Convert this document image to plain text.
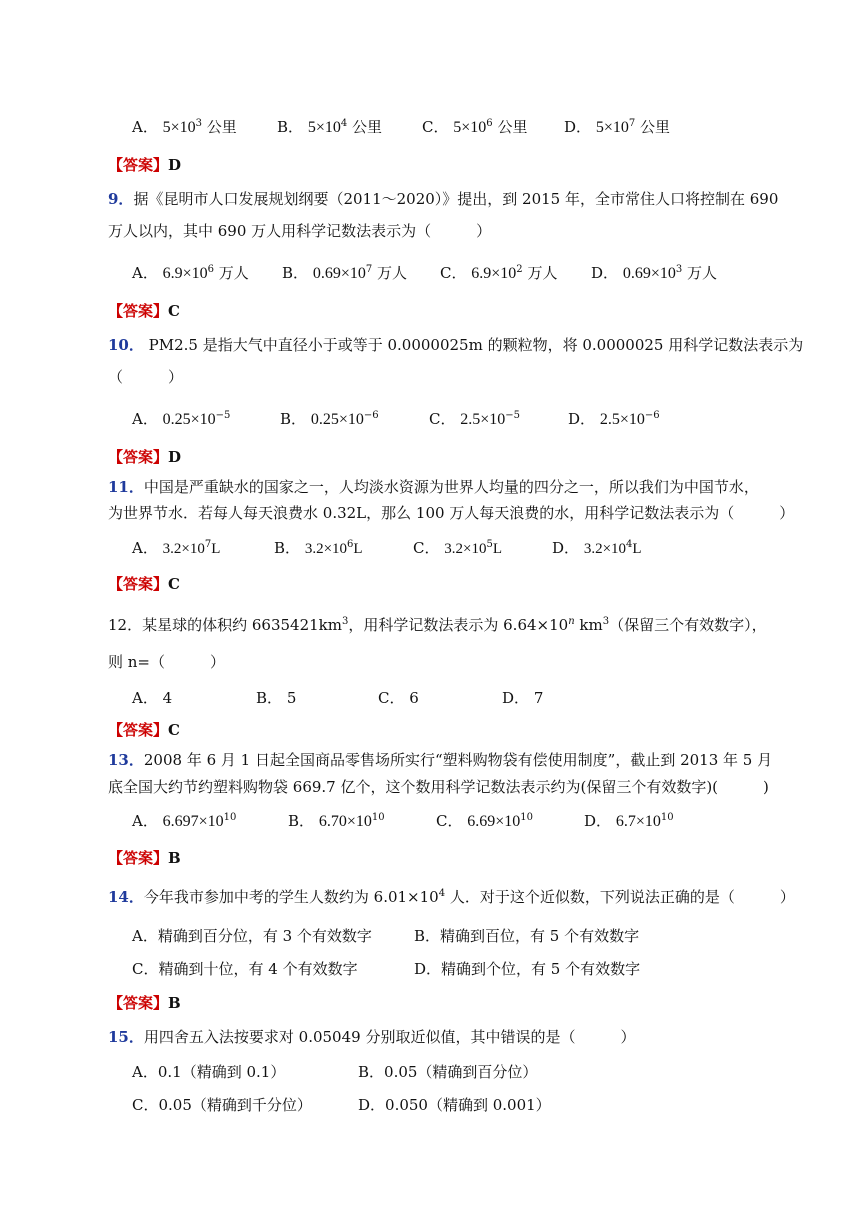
A． $5\times 10^3$ 公里	B． $5\times 10^4$ 公里	C． $5\times 10^6$ 公里 D． $5\times 10^7$ 公里
【答案】D
9．据《昆明市人口发展规划纲要（2011～2020）》提出，到 2015 年，全市常住人口将控制在 690
万人以内，其中 690 万人用科学记数法表示为（　　　）
A． $6.9\times 10^6$ 万人 B． $0.69\times 10^7$ 万人 C． $6.9\times 10^2$ 万人 D． $0.69\times 10^3$ 万人
【答案】C
10． PM2.5 是指大气中直径小于或等于 0.0000025m 的颗粒物，将 0.0000025 用科学记数法表示为
（　　　）
A． $0.25\times 10^{-5}$	B． $0.25\times 10^{-6}$	C． $2.5\times 10^{-5}$	D． $2.5\times 10^{-6}$
【答案】D
11．中国是严重缺水的国家之一，人均淡水资源为世界人均量的四分之一，所以我们为中国节水，
为世界节水．若每人每天浪费水 0.32L，那么 100 万人每天浪费的水，用科学记数法表示为（　　　）
A． $3.2\times 10^7L$	B． $3.2\times 10^6L$	C． $3.2\times 10^5L$	D． $3.2\times 10^4L$
【答案】C
12．某星球的体积约 $6635421km^3$，用科学记数法表示为 $6.64\times 10^n$ $km^3$（保留三个有效数字），
则 n=（　　　）
A． 4	B． 5	C． 6	D． 7
【答案】C
13．2008 年 6 月 1 日起全国商品零售场所实行“塑料购物袋有偿使用制度”，截止到 2013 年 5 月
底全国大约节约塑料购物袋 669.7 亿个，这个数用科学记数法表示约为(保留三个有效数字)(　　　)
A． $6.697\times 10^{10}$	B． $6.70\times 10^{10}$	C． $6.69\times 10^{10}$	D． $6.7\times 10^{10}$
【答案】B
14．今年我市参加中考的学生人数约为 $6.01\times 10^4$ 人．对于这个近似数，下列说法正确的是（　　　）
A．精确到百分位，有 3 个有效数字	B．精确到百位，有 5 个有效数字
C．精确到十位，有 4 个有效数字	D．精确到个位，有 5 个有效数字
【答案】B
15．用四舍五入法按要求对 0.05049 分别取近似值，其中错误的是（　　　）
A．0.1（精确到 0.1）	B．0.05（精确到百分位）
C．0.05（精确到千分位）	D．0.050（精确到 0.001）
